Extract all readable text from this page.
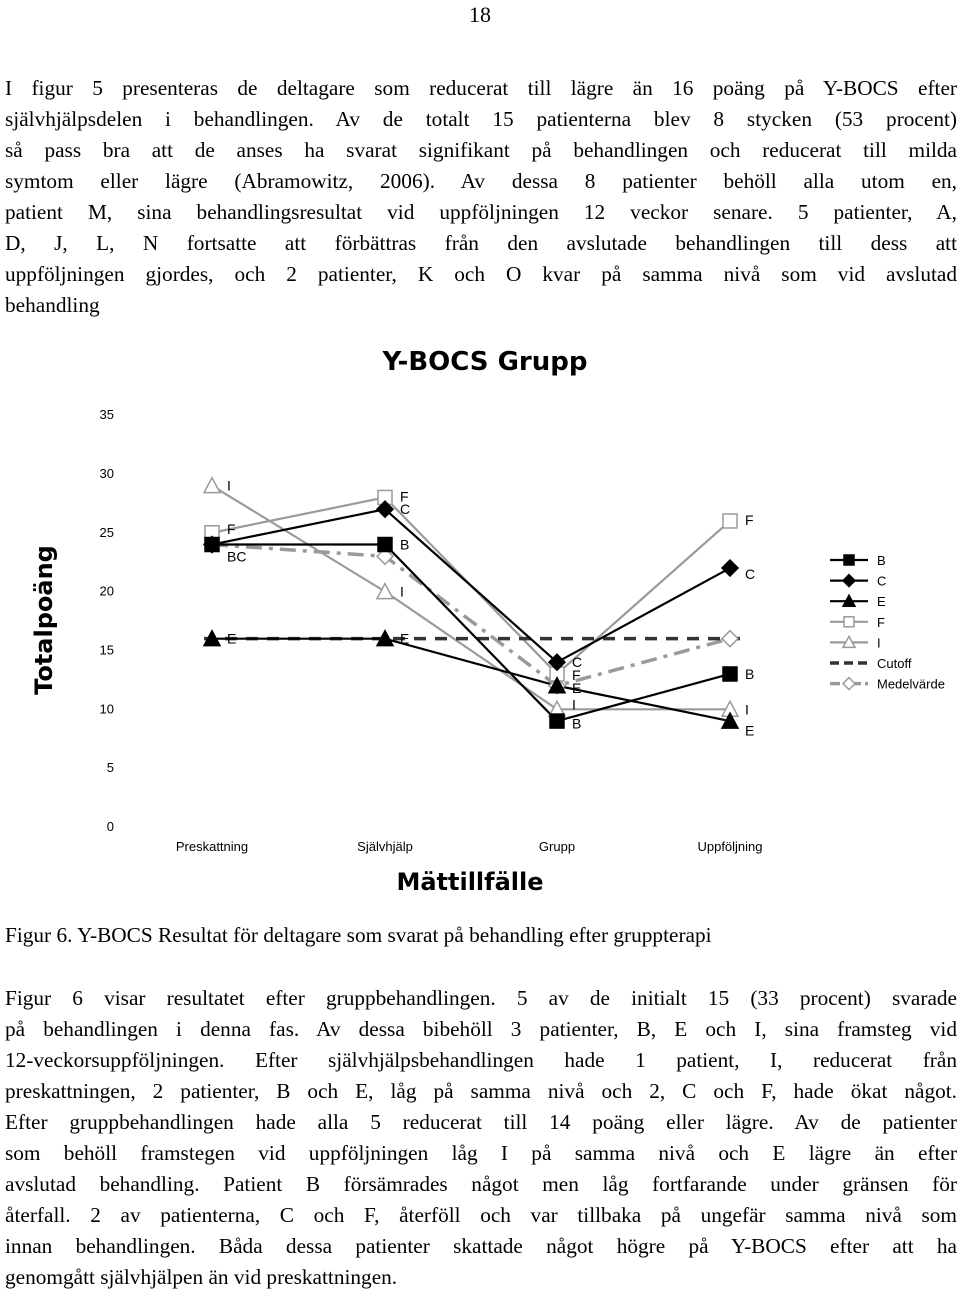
18
I figur 5 presenteras de deltagare som reducerat till lägre än 16 poäng på Y-BOCS efter
självhjälpsdelen i behandlingen. Av de totalt 15 patienterna blev 8 stycken (53 procent)
så pass bra att de anses ha svarat signifikant på behandlingen och reducerat till milda
symtom eller lägre (Abramowitz, 2006). Av dessa 8 patienter behöll alla utom en,
patient M, sina behandlingsresultat vid uppföljningen 12 veckor senare. 5 patienter, A,
D, J, L, N fortsatte att förbättras från den avslutade behandlingen till dess att
uppföljningen gjordes, och 2 patienter, K och O kvar på samma nivå som vid avslutad
behandling
Y-BOCS Grupp
Totalpoäng
Mättillfälle
0
5
10
15
20
25
30
35
Preskattning	Självhjälp	Grupp	Uppföljning
I
F
BC
E
F
C
B
I
E
C
F
E
I
B
F
C
B
I
E
B
C
E
F
I
Cutoff
Medelvärde
Figur 6. Y-BOCS Resultat för deltagare som svarat på behandling efter gruppterapi
Figur 6 visar resultatet efter gruppbehandlingen. 5 av de initialt 15 (33 procent) svarade
på behandlingen i denna fas. Av dessa bibehöll 3 patienter, B, E och I, sina framsteg vid
12-veckorsuppföljningen. Efter självhjälpsbehandlingen hade 1 patient, I, reducerat från
preskattningen, 2 patienter, B och E, låg på samma nivå och 2, C och F, hade ökat något.
Efter gruppbehandlingen hade alla 5 reducerat till 14 poäng eller lägre. Av de patienter
som behöll framstegen vid uppföljningen låg I på samma nivå och E lägre än efter
avslutad behandling. Patient B försämrades något men låg fortfarande under gränsen för
återfall. 2 av patienterna, C och F, återföll och var tillbaka på ungefär samma nivå som
innan behandlingen. Båda dessa patienter skattade något högre på Y-BOCS efter att ha
genomgått självhjälpen än vid preskattningen.
